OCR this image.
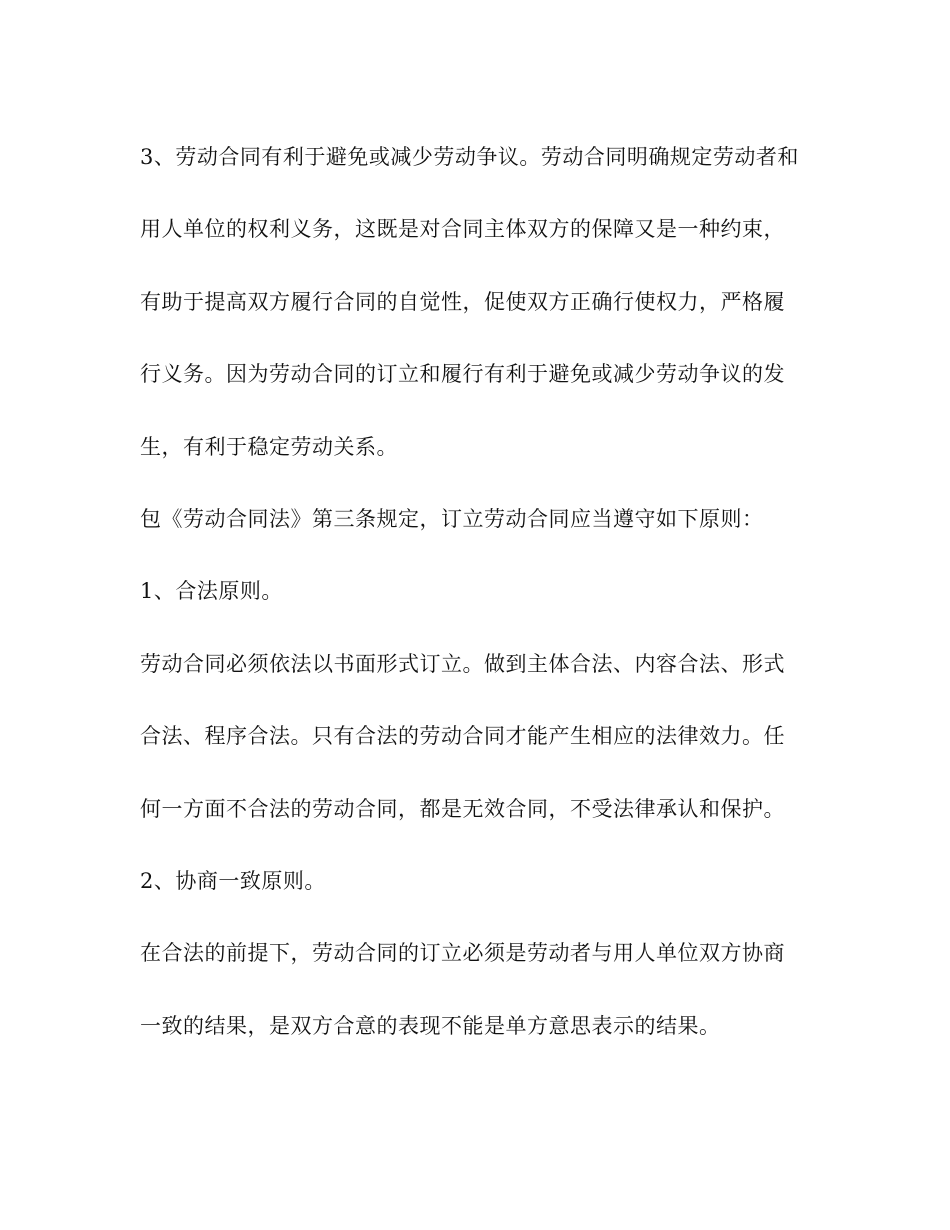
3、劳动合同有利于避免或减少劳动争议。劳动合同明确规定劳动者和
用人单位的权利义务，这既是对合同主体双方的保障又是一种约束，
有助于提高双方履行合同的自觉性，促使双方正确行使权力，严格履
行义务。因为劳动合同的订立和履行有利于避免或减少劳动争议的发
生，有利于稳定劳动关系。
包《劳动合同法》第三条规定，订立劳动合同应当遵守如下原则：
1、合法原则。
劳动合同必须依法以书面形式订立。做到主体合法、内容合法、形式
合法、程序合法。只有合法的劳动合同才能产生相应的法律效力。任
何一方面不合法的劳动合同，都是无效合同，不受法律承认和保护。
2、协商一致原则。
在合法的前提下，劳动合同的订立必须是劳动者与用人单位双方协商
一致的结果，是双方合意的表现不能是单方意思表示的结果。
